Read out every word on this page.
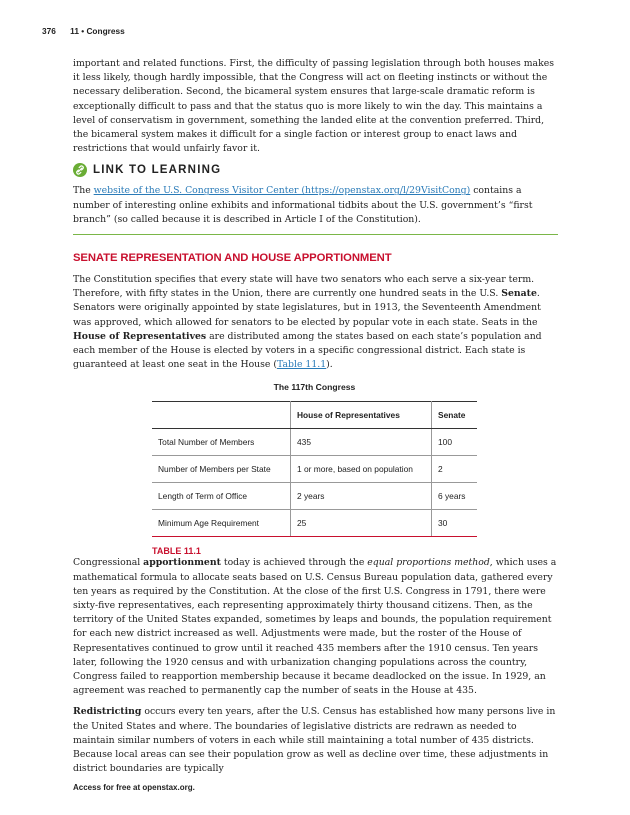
376 11 • Congress

important and related functions. First, the difficulty of passing legislation through both houses makes it less likely, though hardly impossible, that the Congress will act on fleeting instincts or without the necessary deliberation. Second, the bicameral system ensures that large-scale dramatic reform is exceptionally difficult to pass and that the status quo is more likely to win the day. This maintains a level of conservatism in government, something the landed elite at the convention preferred. Third, the bicameral system makes it difficult for a single faction or interest group to enact laws and restrictions that would unfairly favor it.

LINK TO LEARNING

The website of the U.S. Congress Visitor Center (https://openstax.org/l/29VisitCong) contains a number of interesting online exhibits and informational tidbits about the U.S. government’s “first branch” (so called because it is described in Article I of the Constitution).

SENATE REPRESENTATION AND HOUSE APPORTIONMENT

The Constitution specifies that every state will have two senators who each serve a six-year term. Therefore, with fifty states in the Union, there are currently one hundred seats in the U.S. Senate. Senators were originally appointed by state legislatures, but in 1913, the Seventeenth Amendment was approved, which allowed for senators to be elected by popular vote in each state. Seats in the House of Representatives are distributed among the states based on each state’s population and each member of the House is elected by voters in a specific congressional district. Each state is guaranteed at least one seat in the House (Table 11.1).

The 117th Congress
	House of Representatives	Senate
Total Number of Members	435	100
Number of Members per State	1 or more, based on population	2
Length of Term of Office	2 years	6 years
Minimum Age Requirement	25	30
TABLE 11.1

Congressional apportionment today is achieved through the equal proportions method, which uses a mathematical formula to allocate seats based on U.S. Census Bureau population data, gathered every ten years as required by the Constitution. At the close of the first U.S. Congress in 1791, there were sixty-five representatives, each representing approximately thirty thousand citizens. Then, as the territory of the United States expanded, sometimes by leaps and bounds, the population requirement for each new district increased as well. Adjustments were made, but the roster of the House of Representatives continued to grow until it reached 435 members after the 1910 census. Ten years later, following the 1920 census and with urbanization changing populations across the country, Congress failed to reapportion membership because it became deadlocked on the issue. In 1929, an agreement was reached to permanently cap the number of seats in the House at 435.

Redistricting occurs every ten years, after the U.S. Census has established how many persons live in the United States and where. The boundaries of legislative districts are redrawn as needed to maintain similar numbers of voters in each while still maintaining a total number of 435 districts. Because local areas can see their population grow as well as decline over time, these adjustments in district boundaries are typically

Access for free at openstax.org.
